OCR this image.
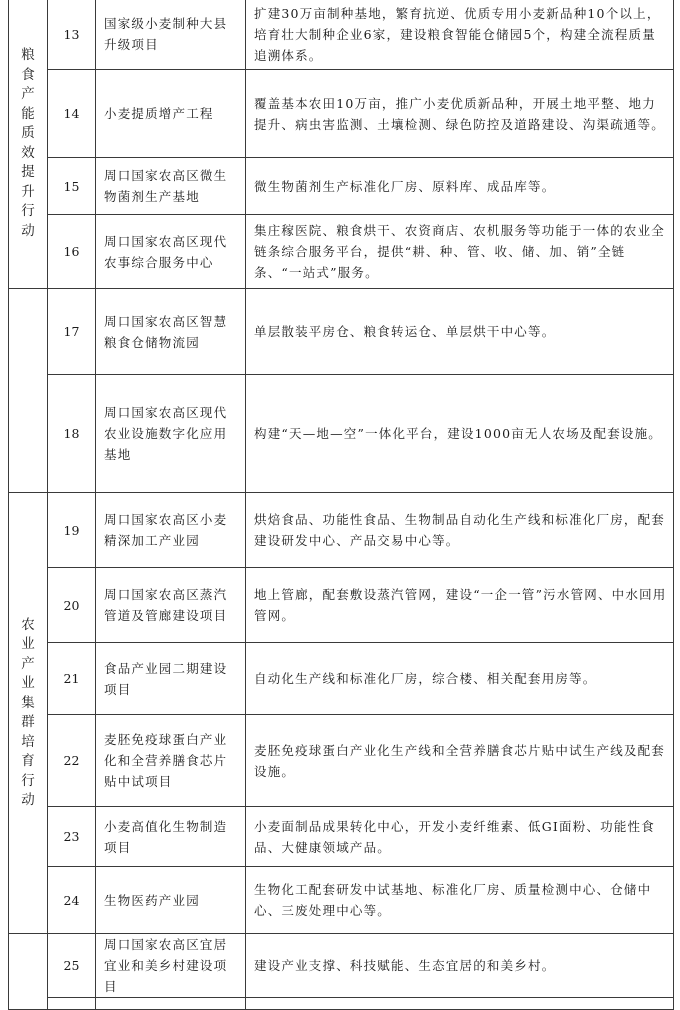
粮食产能质效提升行动	13	国家级小麦制种大县升级项目	扩建30万亩制种基地，繁育抗逆、优质专用小麦新品种10个以上，培育壮大制种企业6家，建设粮食智能仓储园5个，构建全流程质量追溯体系。
	14	小麦提质增产工程	覆盖基本农田10万亩，推广小麦优质新品种，开展土地平整、地力提升、病虫害监测、土壤检测、绿色防控及道路建设、沟渠疏通等。
	15	周口国家农高区微生物菌剂生产基地	微生物菌剂生产标准化厂房、原料库、成品库等。
	16	周口国家农高区现代农事综合服务中心	集庄稼医院、粮食烘干、农资商店、农机服务等功能于一体的农业全链条综合服务平台，提供“耕、种、管、收、储、加、销”全链条、“一站式”服务。
	17	周口国家农高区智慧粮食仓储物流园	单层散装平房仓、粮食转运仓、单层烘干中心等。
	18	周口国家农高区现代农业设施数字化应用基地	构建“天—地—空”一体化平台，建设1000亩无人农场及配套设施。
农业产业集群培育行动	19	周口国家农高区小麦精深加工产业园	烘焙食品、功能性食品、生物制品自动化生产线和标准化厂房，配套建设研发中心、产品交易中心等。
	20	周口国家农高区蒸汽管道及管廊建设项目	地上管廊，配套敷设蒸汽管网，建设“一企一管”污水管网、中水回用管网。
	21	食品产业园二期建设项目	自动化生产线和标准化厂房，综合楼、相关配套用房等。
	22	麦胚免疫球蛋白产业化和全营养膳食芯片贴中试项目	麦胚免疫球蛋白产业化生产线和全营养膳食芯片贴中试生产线及配套设施。
	23	小麦高值化生物制造项目	小麦面制品成果转化中心，开发小麦纤维素、低GI面粉、功能性食品、大健康领域产品。
	24	生物医药产业园	生物化工配套研发中试基地、标准化厂房、质量检测中心、仓储中心、三废处理中心等。
	25	周口国家农高区宜居宜业和美乡村建设项目	建设产业支撑、科技赋能、生态宜居的和美乡村。
